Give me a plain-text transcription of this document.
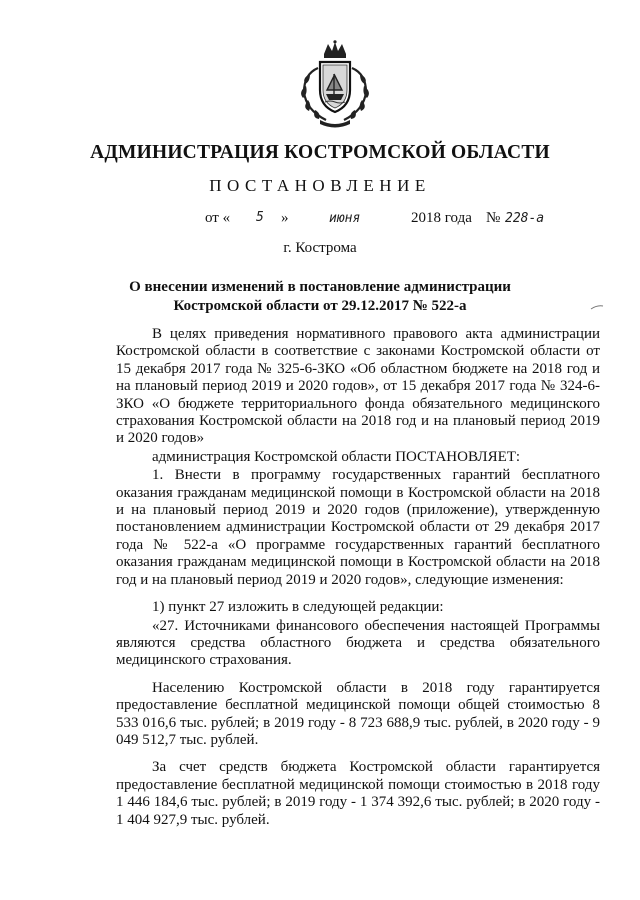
АДМИНИСТРАЦИЯ КОСТРОМСКОЙ ОБЛАСТИ
ПОСТАНОВЛЕНИЕ
от « 5 »	июня	2018 года № 228-а
г. Кострома
О внесении изменений в постановление администрации
Костромской области от 29.12.2017 № 522-а

В целях приведения нормативного правового акта администрации Костромской области в соответствие с законами Костромской области от 15 декабря 2017 года № 325-6-ЗКО «Об областном бюджете на 2018 год и на плановый период 2019 и 2020 годов», от 15 декабря 2017 года № 324-6-ЗКО «О бюджете территориального фонда обязательного медицинского страхования Костромской области на 2018 год и на плановый период 2019 и 2020 годов»

администрация Костромской области ПОСТАНОВЛЯЕТ:

1. Внести в программу государственных гарантий бесплатного оказания гражданам медицинской помощи в Костромской области на 2018 и на плановый период 2019 и 2020 годов (приложение), утвержденную постановлением администрации Костромской области от 29 декабря 2017 года № 522-а «О программе государственных гарантий бесплатного оказания гражданам медицинской помощи в Костромской области на 2018 год и на плановый период 2019 и 2020 годов», следующие изменения:

1) пункт 27 изложить в следующей редакции:

«27. Источниками финансового обеспечения настоящей Программы являются средства областного бюджета и средства обязательного медицинского страхования.

Населению Костромской области в 2018 году гарантируется предоставление бесплатной медицинской помощи общей стоимостью 8 533 016,6 тыс. рублей; в 2019 году - 8 723 688,9 тыс. рублей, в 2020 году - 9 049 512,7 тыс. рублей.

За счет средств бюджета Костромской области гарантируется предоставление бесплатной медицинской помощи стоимостью в 2018 году 1 446 184,6 тыс. рублей; в 2019 году - 1 374 392,6 тыс. рублей; в 2020 году - 1 404 927,9 тыс. рублей.
